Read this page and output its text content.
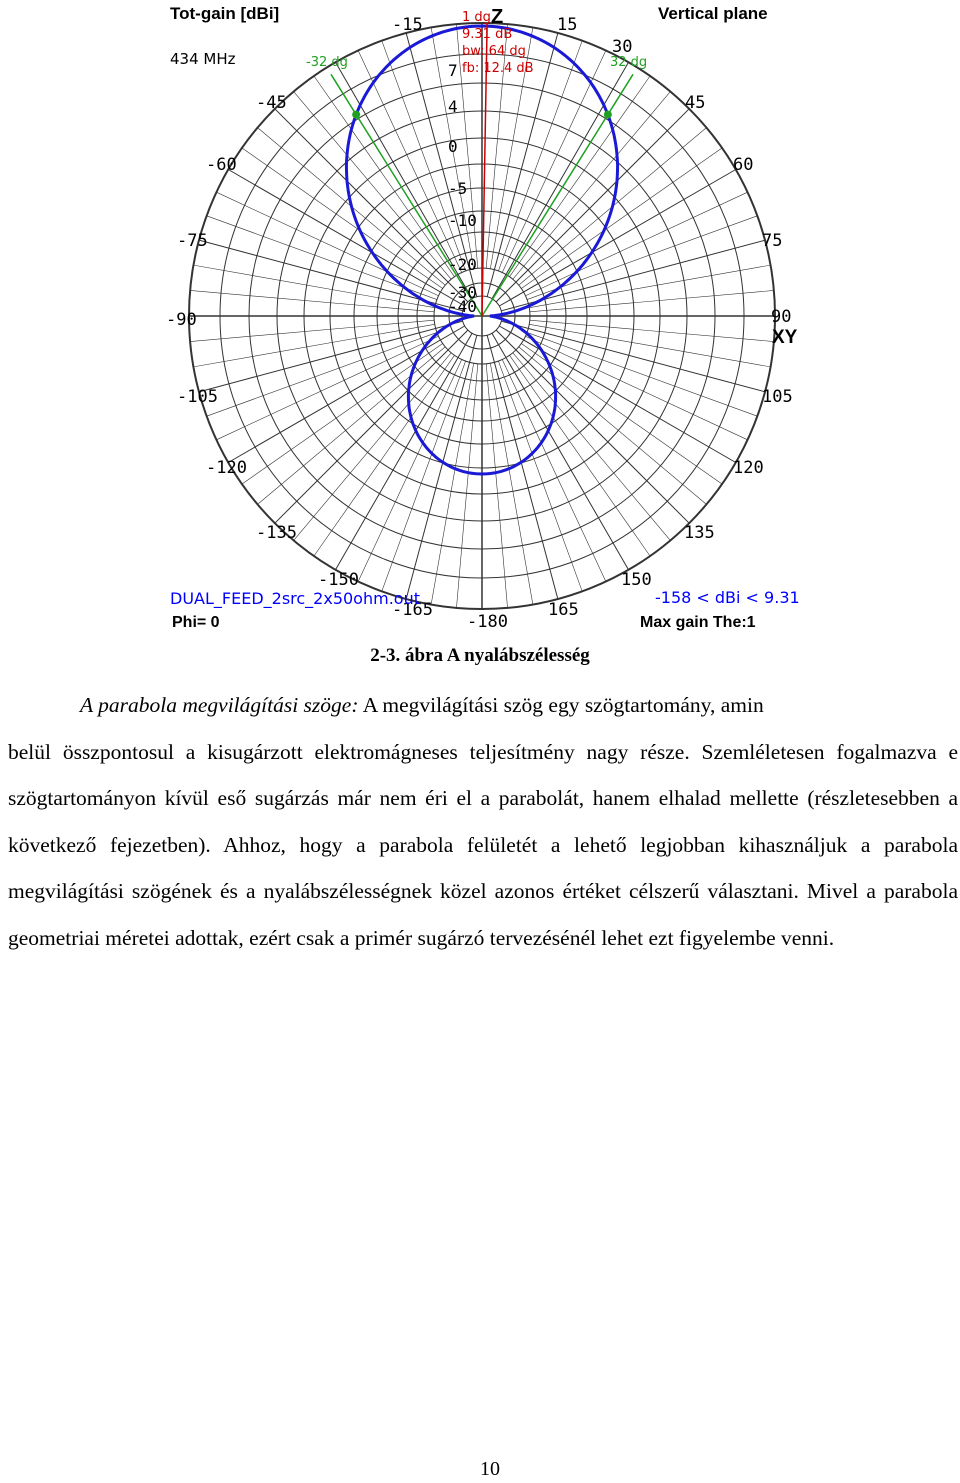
Tot-gain [dBi]	Vertical plane
434 MHz
Z
XY
1 dg
9.31 dB
bw: 64 dg
fb: 12.4 dB
-32 dg	32 dg
15
30
45
60
75
90
105
120
135
150
165
-180
-15
-45
-60
-75
-90
-105
-120
-135
-150
-165
7
4
0
-5
-10
-20
-30
-40
DUAL_FEED_2src_2x50ohm.out
Phi= 0
-158 < dBi < 9.31
Max gain The:1
2-3. ábra A nyalábszélesség

A parabola megvilágítási szöge: A megvilágítási szög egy szögtartomány, amin
belül összpontosul a kisugárzott elektromágneses teljesítmény nagy része. Szemléletesen fogalmazva e szögtartományon kívül eső sugárzás már nem éri el a parabolát, hanem elhalad mellette (részletesebben a következő fejezetben). Ahhoz, hogy a parabola felületét a lehető legjobban kihasználjuk a parabola megvilágítási szögének és a nyalábszélességnek közel azonos értéket célszerű választani. Mivel a parabola geometriai méretei adottak, ezért csak a primér sugárzó tervezésénél lehet ezt figyelembe venni.

10
